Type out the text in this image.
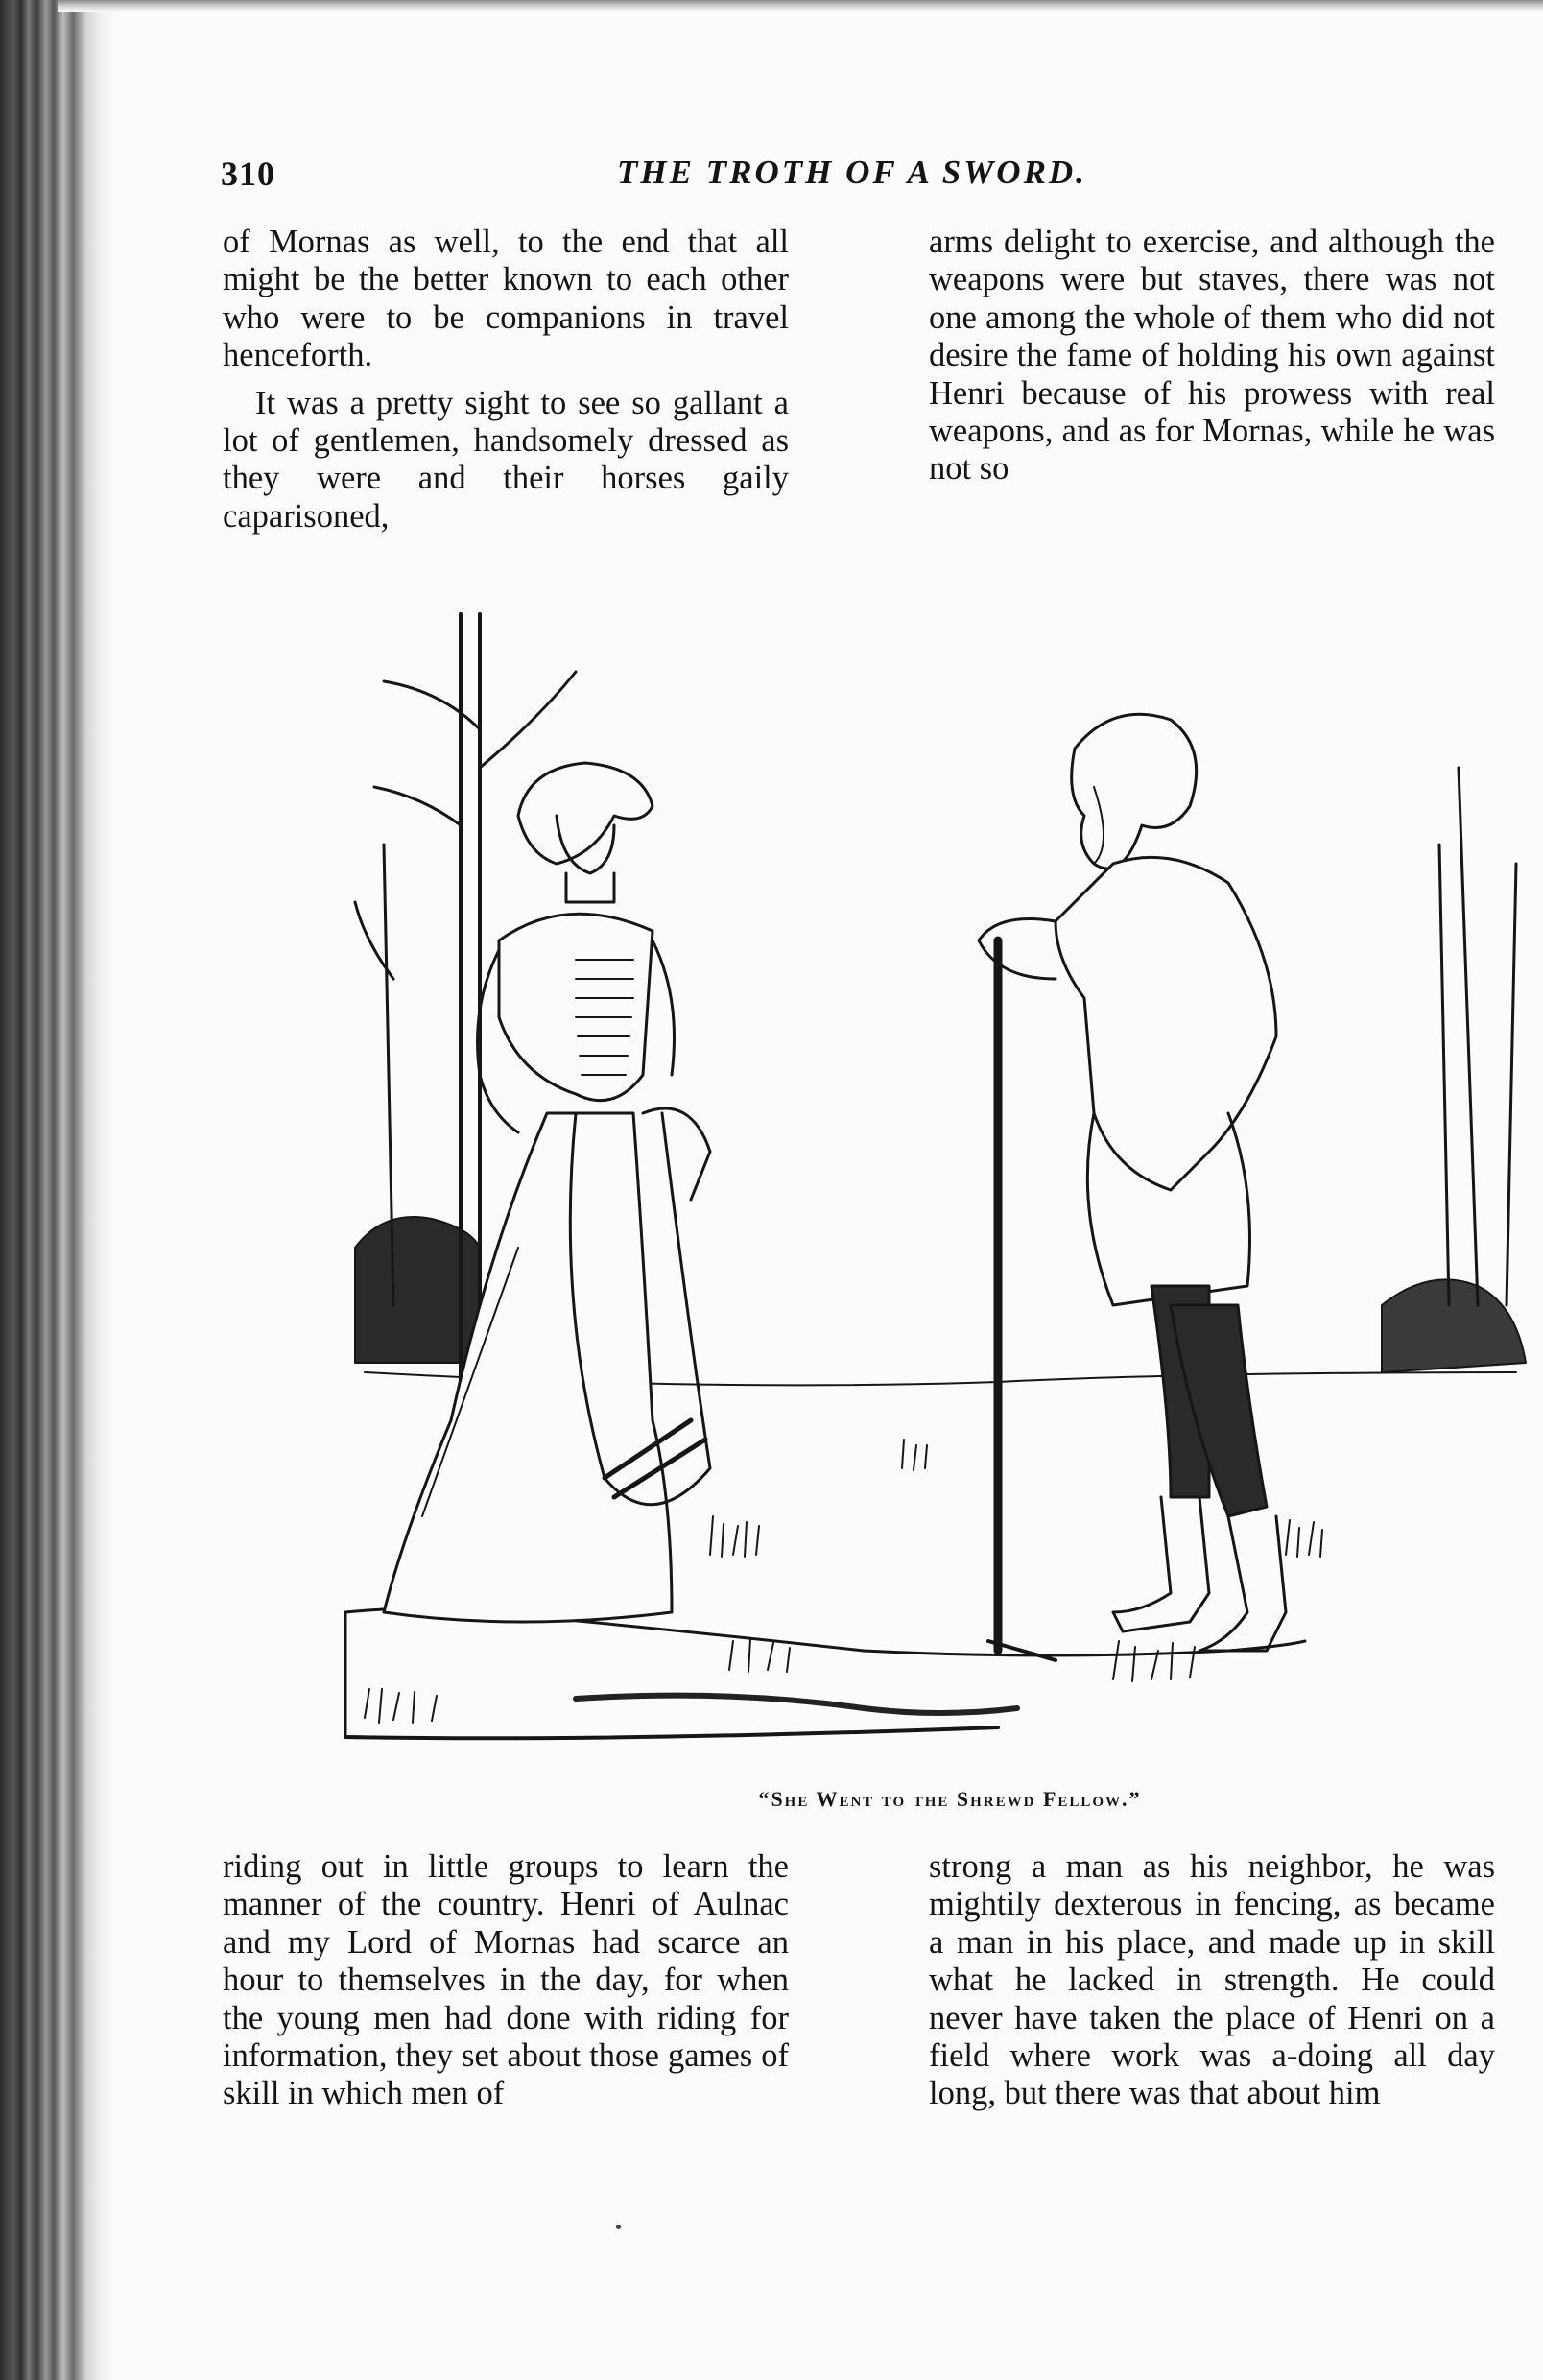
310	THE TROTH OF A SWORD.

of Mornas as well, to the end that all might be the better known to each other who were to be companions in travel henceforth.

It was a pretty sight to see so gallant a lot of gentlemen, handsomely dressed as they were and their horses gaily caparisoned,

arms delight to exercise, and although the weapons were but staves, there was not one among the whole of them who did not desire the fame of holding his own against Henri because of his prowess with real weapons, and as for Mornas, while he was not so

“She Went to the Shrewd Fellow.”

riding out in little groups to learn the manner of the country. Henri of Aulnac and my Lord of Mornas had scarce an hour to themselves in the day, for when the young men had done with riding for information, they set about those games of skill in which men of

strong a man as his neighbor, he was mightily dexterous in fencing, as became a man in his place, and made up in skill what he lacked in strength. He could never have taken the place of Henri on a field where work was a-doing all day long, but there was that about him
